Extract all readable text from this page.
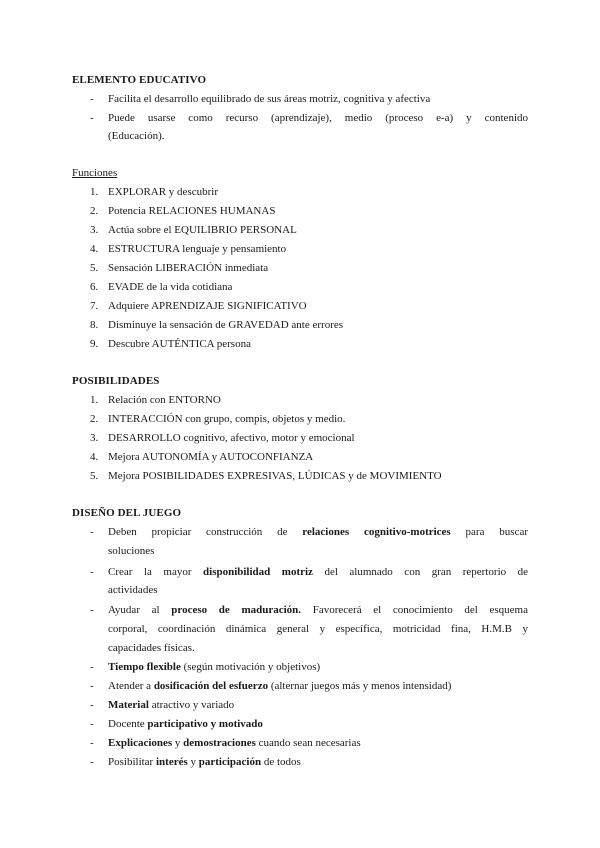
ELEMENTO EDUCATIVO
- Facilita el desarrollo equilibrado de sus áreas motriz, cognitiva y afectiva
- Puede usarse como recurso (aprendizaje), medio (proceso e-a) y contenido
(Educación).
Funciones
1. EXPLORAR y descubrir
2. Potencia RELACIONES HUMANAS
3. Actúa sobre el EQUILIBRIO PERSONAL
4. ESTRUCTURA lenguaje y pensamiento
5. Sensación LIBERACIÓN inmediata
6. EVADE de la vida cotidiana
7. Adquiere APRENDIZAJE SIGNIFICATIVO
8. Disminuye la sensación de GRAVEDAD ante errores
9. Descubre AUTÉNTICA persona
POSIBILIDADES
1. Relación con ENTORNO
2. INTERACCIÓN con grupo, compis, objetos y medio.
3. DESARROLLO cognitivo, afectivo, motor y emocional
4. Mejora AUTONOMÍA y AUTOCONFIANZA
5. Mejora POSIBILIDADES EXPRESIVAS, LÚDICAS y de MOVIMIENTO
DISEÑO DEL JUEGO
- Deben propiciar construcción de relaciones cognitivo-motrices para buscar
soluciones
- Crear la mayor disponibilidad motriz del alumnado con gran repertorio de
actividades
- Ayudar al proceso de maduración. Favorecerá el conocimiento del esquema
corporal, coordinación dinámica general y específica, motricidad fina, H.M.B y
capacidades físicas.
- Tiempo flexible (según motivación y objetivos)
- Atender a dosificación del esfuerzo (alternar juegos más y menos intensidad)
- Material atractivo y variado
- Docente participativo y motivado
- Explicaciones y demostraciones cuando sean necesarias
- Posibilitar interés y participación de todos
